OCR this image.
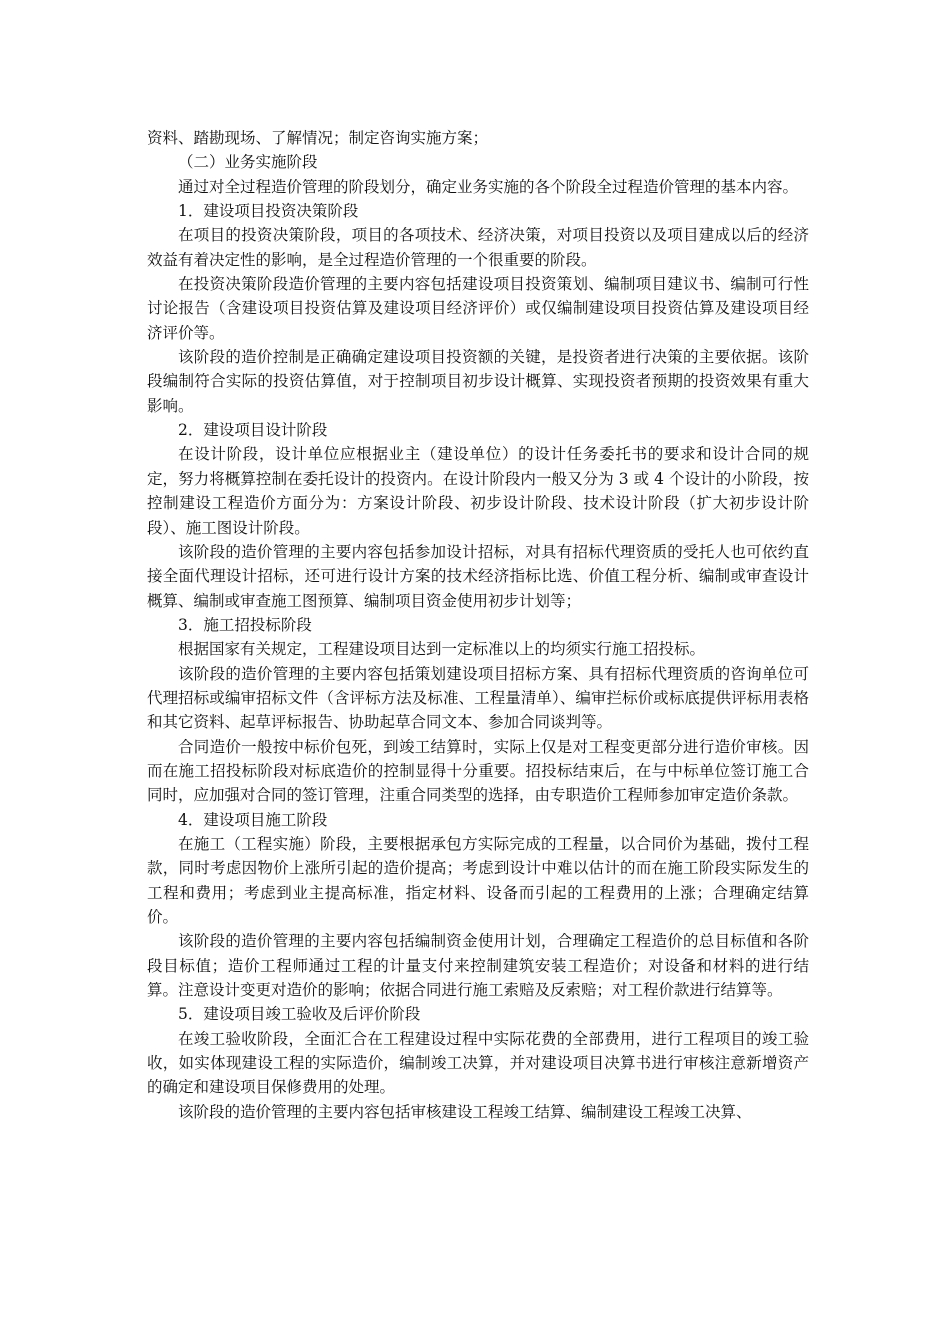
资料、踏勘现场、了解情况；制定咨询实施方案；

（二）业务实施阶段

通过对全过程造价管理的阶段划分，确定业务实施的各个阶段全过程造价管理的基本内容。

1．建设项目投资决策阶段

在项目的投资决策阶段，项目的各项技术、经济决策，对项目投资以及项目建成以后的经济效益有着决定性的影响，是全过程造价管理的一个很重要的阶段。

在投资决策阶段造价管理的主要内容包括建设项目投资策划、编制项目建议书、编制可行性讨论报告（含建设项目投资估算及建设项目经济评价）或仅编制建设项目投资估算及建设项目经济评价等。

该阶段的造价控制是正确确定建设项目投资额的关键，是投资者进行决策的主要依据。该阶段编制符合实际的投资估算值，对于控制项目初步设计概算、实现投资者预期的投资效果有重大影响。

2．建设项目设计阶段

在设计阶段，设计单位应根据业主（建设单位）的设计任务委托书的要求和设计合同的规定，努力将概算控制在委托设计的投资内。在设计阶段内一般又分为 3 或 4 个设计的小阶段，按控制建设工程造价方面分为：方案设计阶段、初步设计阶段、技术设计阶段（扩大初步设计阶段）、施工图设计阶段。

该阶段的造价管理的主要内容包括参加设计招标，对具有招标代理资质的受托人也可依约直接全面代理设计招标，还可进行设计方案的技术经济指标比选、价值工程分析、编制或审查设计概算、编制或审查施工图预算、编制项目资金使用初步计划等；

3．施工招投标阶段

根据国家有关规定，工程建设项目达到一定标准以上的均须实行施工招投标。

该阶段的造价管理的主要内容包括策划建设项目招标方案、具有招标代理资质的咨询单位可代理招标或编审招标文件（含评标方法及标准、工程量清单）、编审拦标价或标底提供评标用表格和其它资料、起草评标报告、协助起草合同文本、参加合同谈判等。

合同造价一般按中标价包死，到竣工结算时，实际上仅是对工程变更部分进行造价审核。因而在施工招投标阶段对标底造价的控制显得十分重要。招投标结束后，在与中标单位签订施工合同时，应加强对合同的签订管理，注重合同类型的选择，由专职造价工程师参加审定造价条款。

4．建设项目施工阶段

在施工（工程实施）阶段，主要根据承包方实际完成的工程量，以合同价为基础，拨付工程款，同时考虑因物价上涨所引起的造价提高；考虑到设计中难以估计的而在施工阶段实际发生的工程和费用；考虑到业主提高标准，指定材料、设备而引起的工程费用的上涨；合理确定结算价。

该阶段的造价管理的主要内容包括编制资金使用计划，合理确定工程造价的总目标值和各阶段目标值；造价工程师通过工程的计量支付来控制建筑安装工程造价；对设备和材料的进行结算。注意设计变更对造价的影响；依据合同进行施工索赔及反索赔；对工程价款进行结算等。

5．建设项目竣工验收及后评价阶段

在竣工验收阶段，全面汇合在工程建设过程中实际花费的全部费用，进行工程项目的竣工验收，如实体现建设工程的实际造价，编制竣工决算，并对建设项目决算书进行审核注意新增资产的确定和建设项目保修费用的处理。

该阶段的造价管理的主要内容包括审核建设工程竣工结算、编制建设工程竣工决算、
